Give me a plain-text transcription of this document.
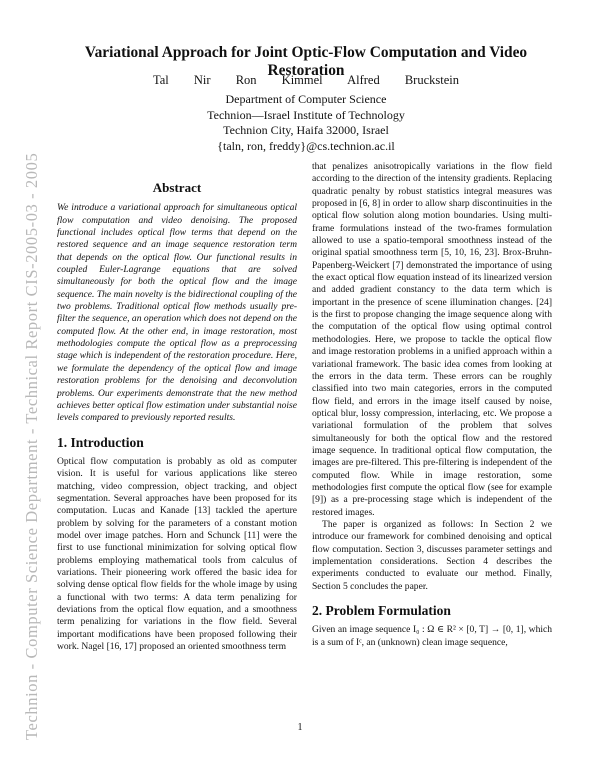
Technion - Computer Science Department - Technical Report CIS-2005-03 - 2005
Variational Approach for Joint Optic-Flow Computation and Video Restoration
Tal Nir Ron Kimmel Alfred Bruckstein
Department of Computer Science
Technion—Israel Institute of Technology
Technion City, Haifa 32000, Israel
{taln, ron, freddy}@cs.technion.ac.il
Abstract

We introduce a variational approach for simultaneous optical flow computation and video denoising. The proposed functional includes optical flow terms that depend on the restored sequence and an image sequence restoration term that depends on the optical flow. Our functional results in coupled Euler-Lagrange equations that are solved simultaneously for both the optical flow and the image sequence. The main novelty is the bidirectional coupling of the two problems. Traditional optical flow methods usually pre-filter the sequence, an operation which does not depend on the computed flow. At the other end, in image restoration, most methodologies compute the optical flow as a preprocessing stage which is independent of the restoration procedure. Here, we formulate the dependency of the optical flow and image restoration problems for the denoising and deconvolution problems. Our experiments demonstrate that the new method achieves better optical flow estimation under substantial noise levels compared to previously reported results.

1. Introduction

Optical flow computation is probably as old as computer vision. It is useful for various applications like stereo matching, video compression, object tracking, and object segmentation. Several approaches have been proposed for its computation. Lucas and Kanade [13] tackled the aperture problem by solving for the parameters of a constant motion model over image patches. Horn and Schunck [11] were the first to use functional minimization for solving optical flow problems employing mathematical tools from calculus of variations. Their pioneering work offered the basic idea for solving dense optical flow fields for the whole image by using a functional with two terms: A data term penalizing for deviations from the optical flow equation, and a smoothness term penalizing for variations in the flow field. Several important modifications have been proposed following their work. Nagel [16, 17] proposed an oriented smoothness term

that penalizes anisotropically variations in the flow field according to the direction of the intensity gradients. Replacing quadratic penalty by robust statistics integral measures was proposed in [6, 8] in order to allow sharp discontinuities in the optical flow solution along motion boundaries. Using multi-frame formulations instead of the two-frames formulation allowed to use a spatio-temporal smoothness instead of the original spatial smoothness term [5, 10, 16, 23]. Brox-Bruhn-Papenberg-Weickert [7] demonstrated the importance of using the exact optical flow equation instead of its linearized version and added gradient constancy to the data term which is important in the presence of scene illumination changes. [24] is the first to propose changing the image sequence along with the computation of the optical flow using optimal control methodologies. Here, we propose to tackle the optical flow and image restoration problems in a unified approach within a variational framework. The basic idea comes from looking at the errors in the data term. These errors can be roughly classified into two main categories, errors in the computed flow field, and errors in the image itself caused by noise, optical blur, lossy compression, interlacing, etc. We propose a variational formulation of the problem that solves simultaneously for both the optical flow and the restored image sequence. In traditional optical flow computation, the images are pre-filtered. This pre-filtering is independent of the computed flow. While in image restoration, some methodologies first compute the optical flow (see for example [9]) as a pre-processing stage which is independent of the restored images.

The paper is organized as follows: In Section 2 we introduce our framework for combined denoising and optical flow computation. Section 3, discusses parameter settings and implementation considerations. Section 4 describes the experiments conducted to evaluate our method. Finally, Section 5 concludes the paper.

2. Problem Formulation

Given an image sequence I₀ : Ω ∈ R² × [0, T] → [0, 1], which is a sum of Iᶜ, an (unknown) clean image sequence,

1
